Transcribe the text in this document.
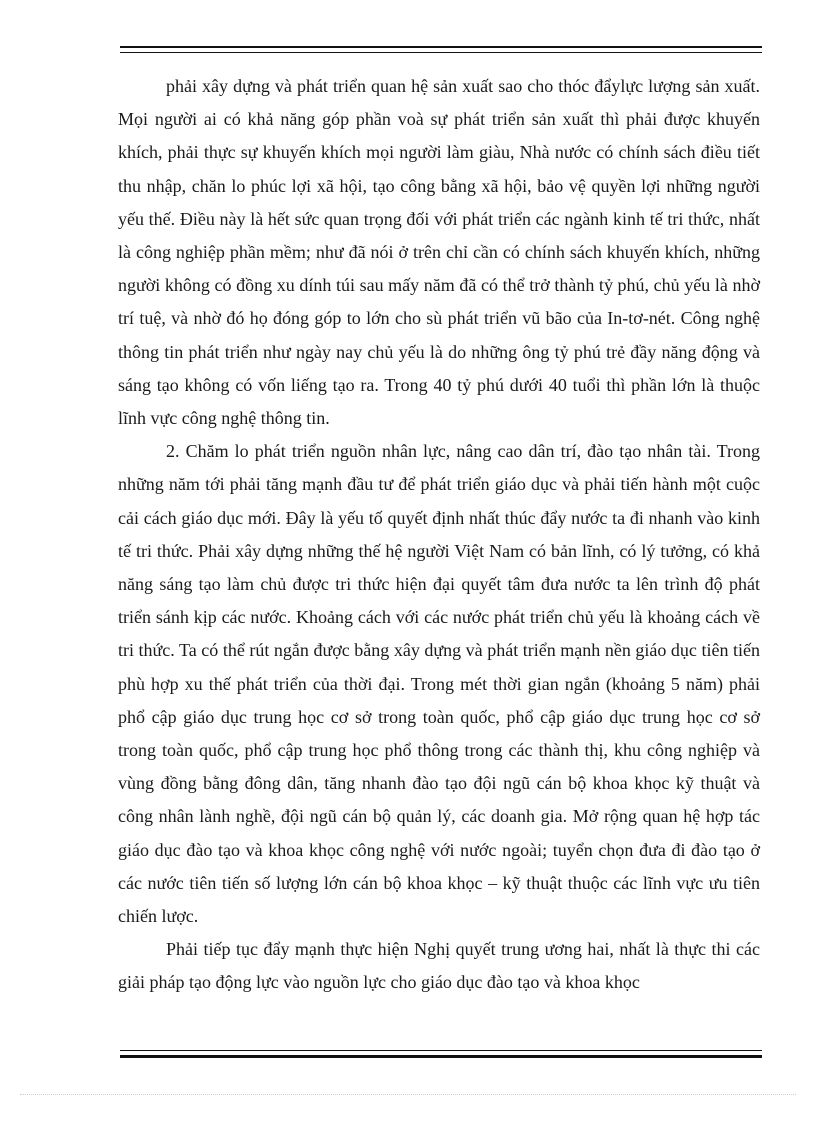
phải xây dựng và phát triển quan hệ sản xuất sao cho thóc đẩylực lượng sản xuất. Mọi người ai có khả năng góp phần voà sự phát triển sản xuất thì phải được khuyến khích, phải thực sự khuyến khích mọi người làm giàu, Nhà nước có chính sách điều tiết thu nhập, chăn lo phúc lợi xã hội, tạo công bằng xã hội, bảo vệ quyền lợi những người yếu thế. Điều này là hết sức quan trọng đối với phát triển các ngành kinh tế tri thức, nhất là công nghiệp phần mềm; như đã nói ở trên chỉ cần có chính sách khuyến khích, những người không có đồng xu dính túi sau mấy năm đã có thể trở thành tỷ phú, chủ yếu là nhờ trí tuệ, và nhờ đó họ đóng góp to lớn cho sù phát triển vũ bão của In-tơ-nét. Công nghệ thông tin phát triển như ngày nay chủ yếu là do những ông tỷ phú trẻ đầy năng động và sáng tạo không có vốn liếng tạo ra. Trong 40 tỷ phú dưới 40 tuổi thì phần lớn là thuộc lĩnh vực công nghệ thông tin.

2. Chăm lo phát triển nguồn nhân lực, nâng cao dân trí, đào tạo nhân tài. Trong những năm tới phải tăng mạnh đầu tư để phát triển giáo dục và phải tiến hành một cuộc cải cách giáo dục mới. Đây là yếu tố quyết định nhất thúc đẩy nước ta đi nhanh vào kinh tế tri thức. Phải xây dựng những thế hệ người Việt Nam có bản lĩnh, có lý tưởng, có khả năng sáng tạo làm chủ được tri thức hiện đại quyết tâm đưa nước ta lên trình độ phát triển sánh kịp các nước. Khoảng cách với các nước phát triển chủ yếu là khoảng cách về tri thức. Ta có thể rút ngắn được bằng xây dựng và phát triển mạnh nền giáo dục tiên tiến phù hợp xu thế phát triển của thời đại. Trong mét thời gian ngắn (khoảng 5 năm) phải phổ cập giáo dục trung học cơ sở trong toàn quốc, phổ cập giáo dục trung học cơ sở trong toàn quốc, phổ cập trung học phổ thông trong các thành thị, khu công nghiệp và vùng đồng bằng đông dân, tăng nhanh đào tạo đội ngũ cán bộ khoa khọc kỹ thuật và công nhân lành nghề, đội ngũ cán bộ quản lý, các doanh gia. Mở rộng quan hệ hợp tác giáo dục đào tạo và khoa khọc công nghệ với nước ngoài; tuyển chọn đưa đi đào tạo ở các nước tiên tiến số lượng lớn cán bộ khoa khọc – kỹ thuật thuộc các lĩnh vực ưu tiên chiến lược.

Phải tiếp tục đẩy mạnh thực hiện Nghị quyết trung ương hai, nhất là thực thi các giải pháp tạo động lực vào nguồn lực cho giáo dục đào tạo và khoa khọc
